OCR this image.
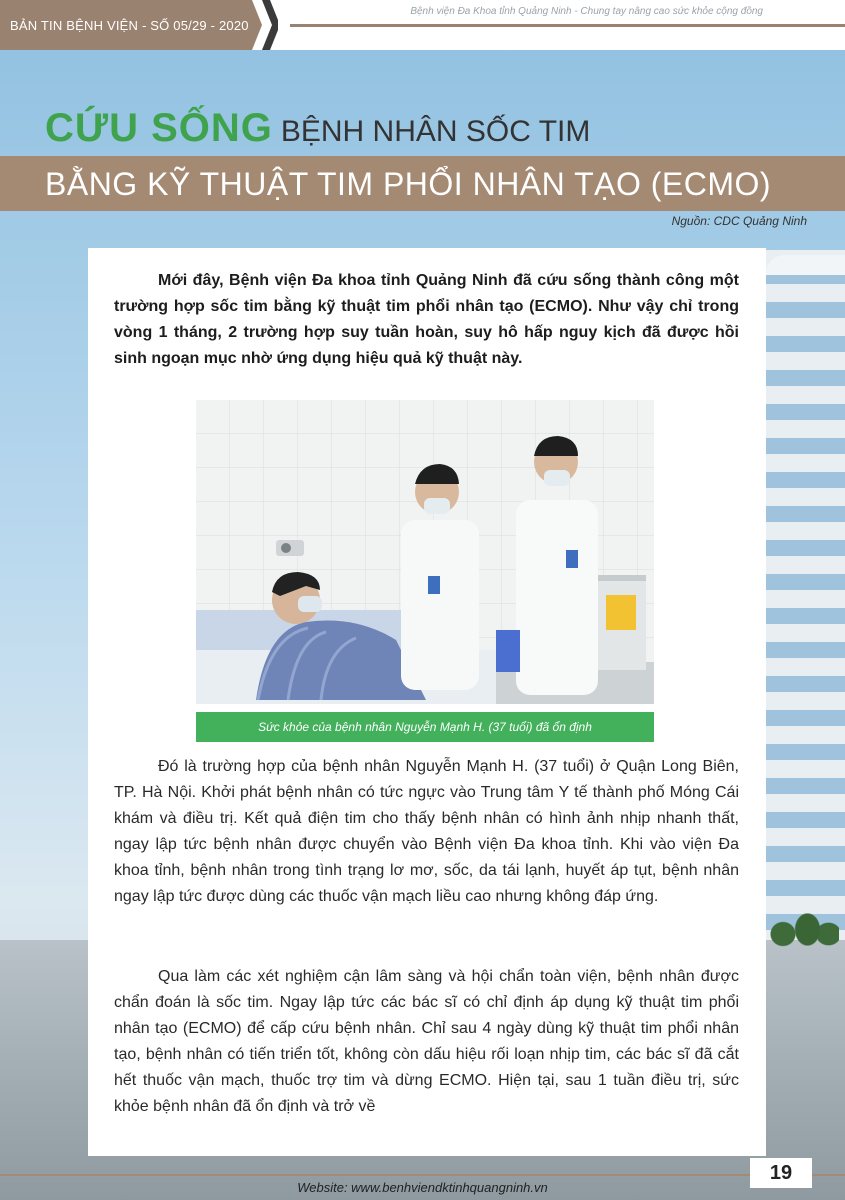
BẢN TIN BỆNH VIỆN - SỐ 05/29 - 2020
Bệnh viện Đa Khoa tỉnh Quảng Ninh - Chung tay nâng cao sức khỏe cộng đồng
CỨU SỐNG BỆNH NHÂN SỐC TIM
BẰNG KỸ THUẬT TIM PHỔI NHÂN TẠO (ECMO)
Nguồn: CDC Quảng Ninh

Mới đây, Bệnh viện Đa khoa tỉnh Quảng Ninh đã cứu sống thành công một trường hợp sốc tim bằng kỹ thuật tim phổi nhân tạo (ECMO). Như vậy chỉ trong vòng 1 tháng, 2 trường hợp suy tuần hoàn, suy hô hấp nguy kịch đã được hồi sinh ngoạn mục nhờ ứng dụng hiệu quả kỹ thuật này.

Sức khỏe của bệnh nhân Nguyễn Mạnh H. (37 tuổi) đã ổn định

Đó là trường hợp của bệnh nhân Nguyễn Mạnh H. (37 tuổi) ở Quận Long Biên, TP. Hà Nội. Khởi phát bệnh nhân có tức ngực vào Trung tâm Y tế thành phố Móng Cái khám và điều trị. Kết quả điện tim cho thấy bệnh nhân có hình ảnh nhịp nhanh thất, ngay lập tức bệnh nhân được chuyển vào Bệnh viện Đa khoa tỉnh. Khi vào viện Đa khoa tỉnh, bệnh nhân trong tình trạng lơ mơ, sốc, da tái lạnh, huyết áp tụt, bệnh nhân ngay lập tức được dùng các thuốc vận mạch liều cao nhưng không đáp ứng.

Qua làm các xét nghiệm cận lâm sàng và hội chẩn toàn viện, bệnh nhân được chẩn đoán là sốc tim. Ngay lập tức các bác sĩ có chỉ định áp dụng kỹ thuật tim phổi nhân tạo (ECMO) để cấp cứu bệnh nhân. Chỉ sau 4 ngày dùng kỹ thuật tim phổi nhân tạo, bệnh nhân có tiến triển tốt, không còn dấu hiệu rối loạn nhịp tim, các bác sĩ đã cắt hết thuốc vận mạch, thuốc trợ tim và dừng ECMO. Hiện tại, sau 1 tuần điều trị, sức khỏe bệnh nhân đã ổn định và trở về

19
Website: www.benhviendktinhquangninh.vn
